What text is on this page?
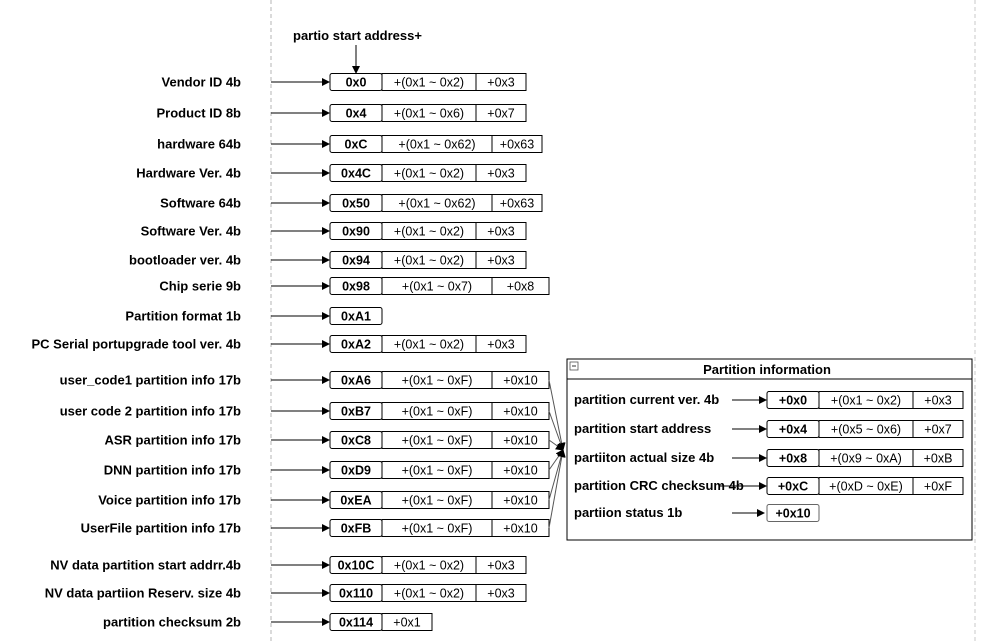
partio start address+
Vendor ID 4b	0x0 +(0x1 ~ 0x2) +0x3
Product ID 8b	0x4 +(0x1 ~ 0x6) +0x7
hardware 64b	0xC +(0x1 ~ 0x62) +0x63
Hardware Ver. 4b	0x4C +(0x1 ~ 0x2) +0x3
Software 64b	0x50 +(0x1 ~ 0x62) +0x63
Software Ver. 4b	0x90 +(0x1 ~ 0x2) +0x3
bootloader ver. 4b	0x94 +(0x1 ~ 0x2) +0x3
Chip serie 9b	0x98	+(0x1 ~ 0x7)	+0x8
Partition format 1b	0xA1
PC Serial portupgrade tool ver. 4b	0xA2 +(0x1 ~ 0x2) +0x3
user_code1 partition info 17b	0xA6 +(0x1 ~ 0xF) +0x10
user code 2 partition info 17b	0xB7 +(0x1 ~ 0xF) +0x10
ASR partition info 17b	0xC8 +(0x1 ~ 0xF) +0x10
DNN partition info 17b	0xD9 +(0x1 ~ 0xF) +0x10
Voice partition info 17b	0xEA +(0x1 ~ 0xF) +0x10
UserFile partition info 17b	0xFB +(0x1 ~ 0xF) +0x10
NV data partition start addrr.4b	0x10C +(0x1 ~ 0x2) +0x3
NV data partiion Reserv. size 4b	0x110 +(0x1 ~ 0x2) +0x3
partition checksum 2b	0x114 +0x1
Partition information
partition current ver. 4b	+0x0 +(0x1 ~ 0x2) +0x3
partition start address	+0x4 +(0x5 ~ 0x6) +0x7
partiiton actual size 4b	+0x8 +(0x9 ~ 0xA) +0xB
partition CRC checksum 4b	+0xC +(0xD ~ 0xE) +0xF
partiion status 1b	+0x10
